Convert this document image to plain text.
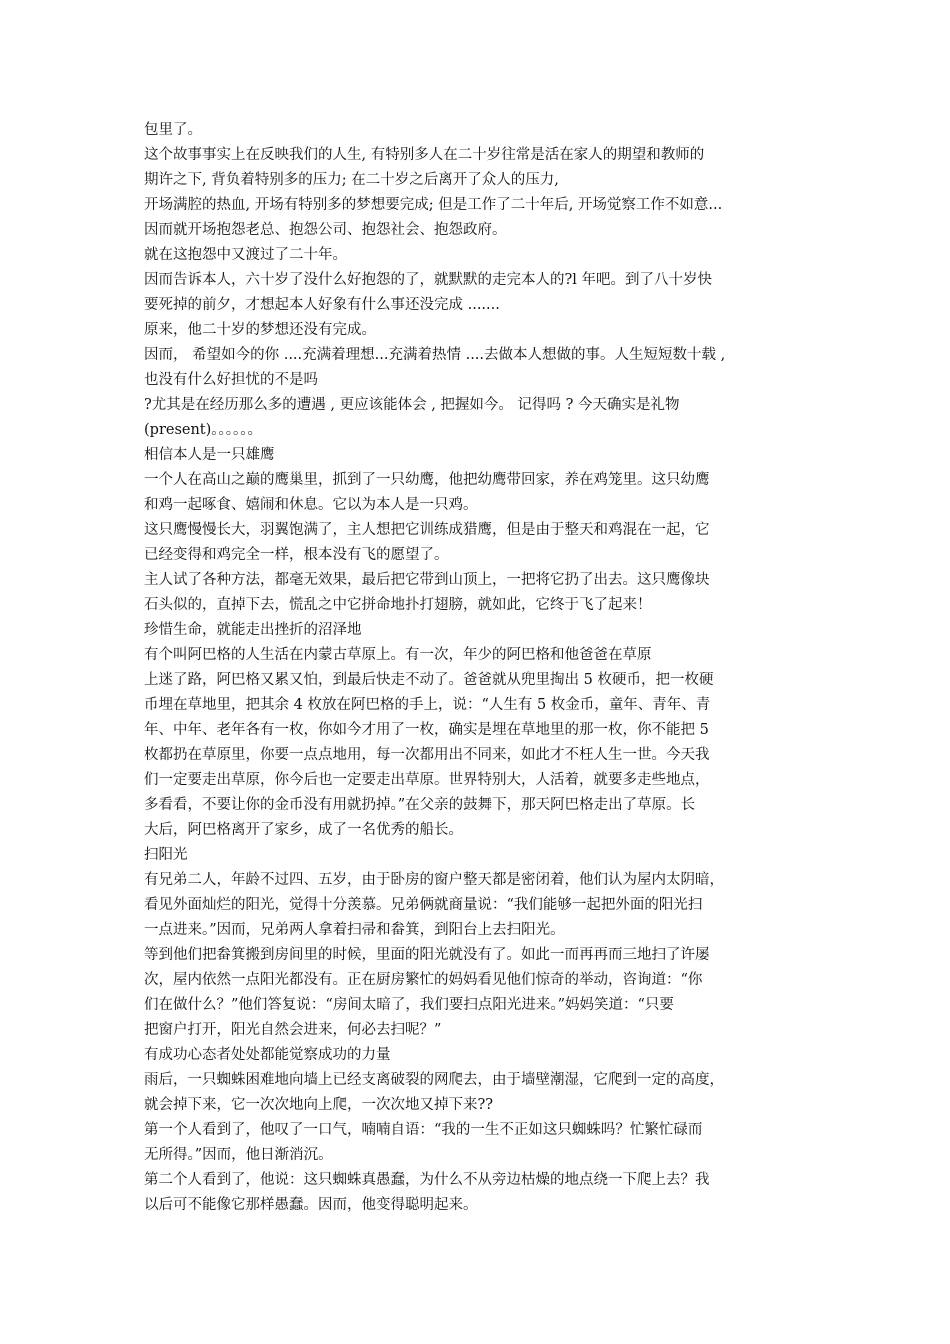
包里了。
这个故事事实上在反映我们的人生, 有特别多人在二十岁往常是活在家人的期望和教师的
期许之下, 背负着特别多的压力; 在二十岁之后离开了众人的压力,
开场满腔的热血, 开场有特别多的梦想要完成; 但是工作了二十年后, 开场觉察工作不如意...
因而就开场抱怨老总、抱怨公司、抱怨社会、抱怨政府。
就在这抱怨中又渡过了二十年。
因而告诉本人，六十岁了没什么好抱怨的了，就默默的走完本人的?l 年吧。到了八十岁快
要死掉的前夕，才想起本人好象有什么事还没完成 .......
原来，他二十岁的梦想还没有完成。
因而， 希望如今的你 ....充满着理想...充满着热情 ....去做本人想做的事。人生短短数十载 ,
也没有什么好担忧的不是吗
?尤其是在经历那么多的遭遇 , 更应该能体会 , 把握如今。 记得吗 ? 今天确实是礼物
(present)。。。。。。
相信本人是一只雄鹰
一个人在高山之巅的鹰巢里，抓到了一只幼鹰，他把幼鹰带回家，养在鸡笼里。这只幼鹰
和鸡一起啄食、嬉闹和休息。它以为本人是一只鸡。
这只鹰慢慢长大，羽翼饱满了，主人想把它训练成猎鹰，但是由于整天和鸡混在一起，它
已经变得和鸡完全一样，根本没有飞的愿望了。
主人试了各种方法，都毫无效果，最后把它带到山顶上，一把将它扔了出去。这只鹰像块
石头似的，直掉下去，慌乱之中它拼命地扑打翅膀，就如此，它终于飞了起来！
珍惜生命，就能走出挫折的沼泽地
有个叫阿巴格的人生活在内蒙古草原上。有一次，年少的阿巴格和他爸爸在草原
上迷了路，阿巴格又累又怕，到最后快走不动了。爸爸就从兜里掏出 5 枚硬币，把一枚硬
币埋在草地里，把其余 4 枚放在阿巴格的手上，说：“人生有 5 枚金币，童年、青年、青
年、中年、老年各有一枚，你如今才用了一枚，确实是埋在草地里的那一枚，你不能把 5
枚都扔在草原里，你要一点点地用，每一次都用出不同来，如此才不枉人生一世。今天我
们一定要走出草原，你今后也一定要走出草原。世界特别大，人活着，就要多走些地点，
多看看，不要让你的金币没有用就扔掉。”在父亲的鼓舞下，那天阿巴格走出了草原。长
大后，阿巴格离开了家乡，成了一名优秀的船长。
扫阳光
有兄弟二人，年龄不过四、五岁，由于卧房的窗户整天都是密闭着，他们认为屋内太阴暗，
看见外面灿烂的阳光，觉得十分羡慕。兄弟俩就商量说：“我们能够一起把外面的阳光扫
一点进来。”因而，兄弟两人拿着扫帚和畚箕，到阳台上去扫阳光。
等到他们把畚箕搬到房间里的时候，里面的阳光就没有了。如此一而再再而三地扫了许屡
次，屋内依然一点阳光都没有。正在厨房繁忙的妈妈看见他们惊奇的举动，咨询道：“你
们在做什么？”他们答复说：“房间太暗了，我们要扫点阳光进来。”妈妈笑道：“只要
把窗户打开，阳光自然会进来，何必去扫呢？”
有成功心态者处处都能觉察成功的力量
雨后，一只蜘蛛困难地向墙上已经支离破裂的网爬去，由于墙壁潮湿，它爬到一定的高度，
就会掉下来，它一次次地向上爬，一次次地又掉下来??
第一个人看到了，他叹了一口气，喃喃自语：“我的一生不正如这只蜘蛛吗？忙繁忙碌而
无所得。”因而，他日渐消沉。
第二个人看到了，他说：这只蜘蛛真愚蠢，为什么不从旁边枯燥的地点绕一下爬上去？我
以后可不能像它那样愚蠢。因而，他变得聪明起来。
